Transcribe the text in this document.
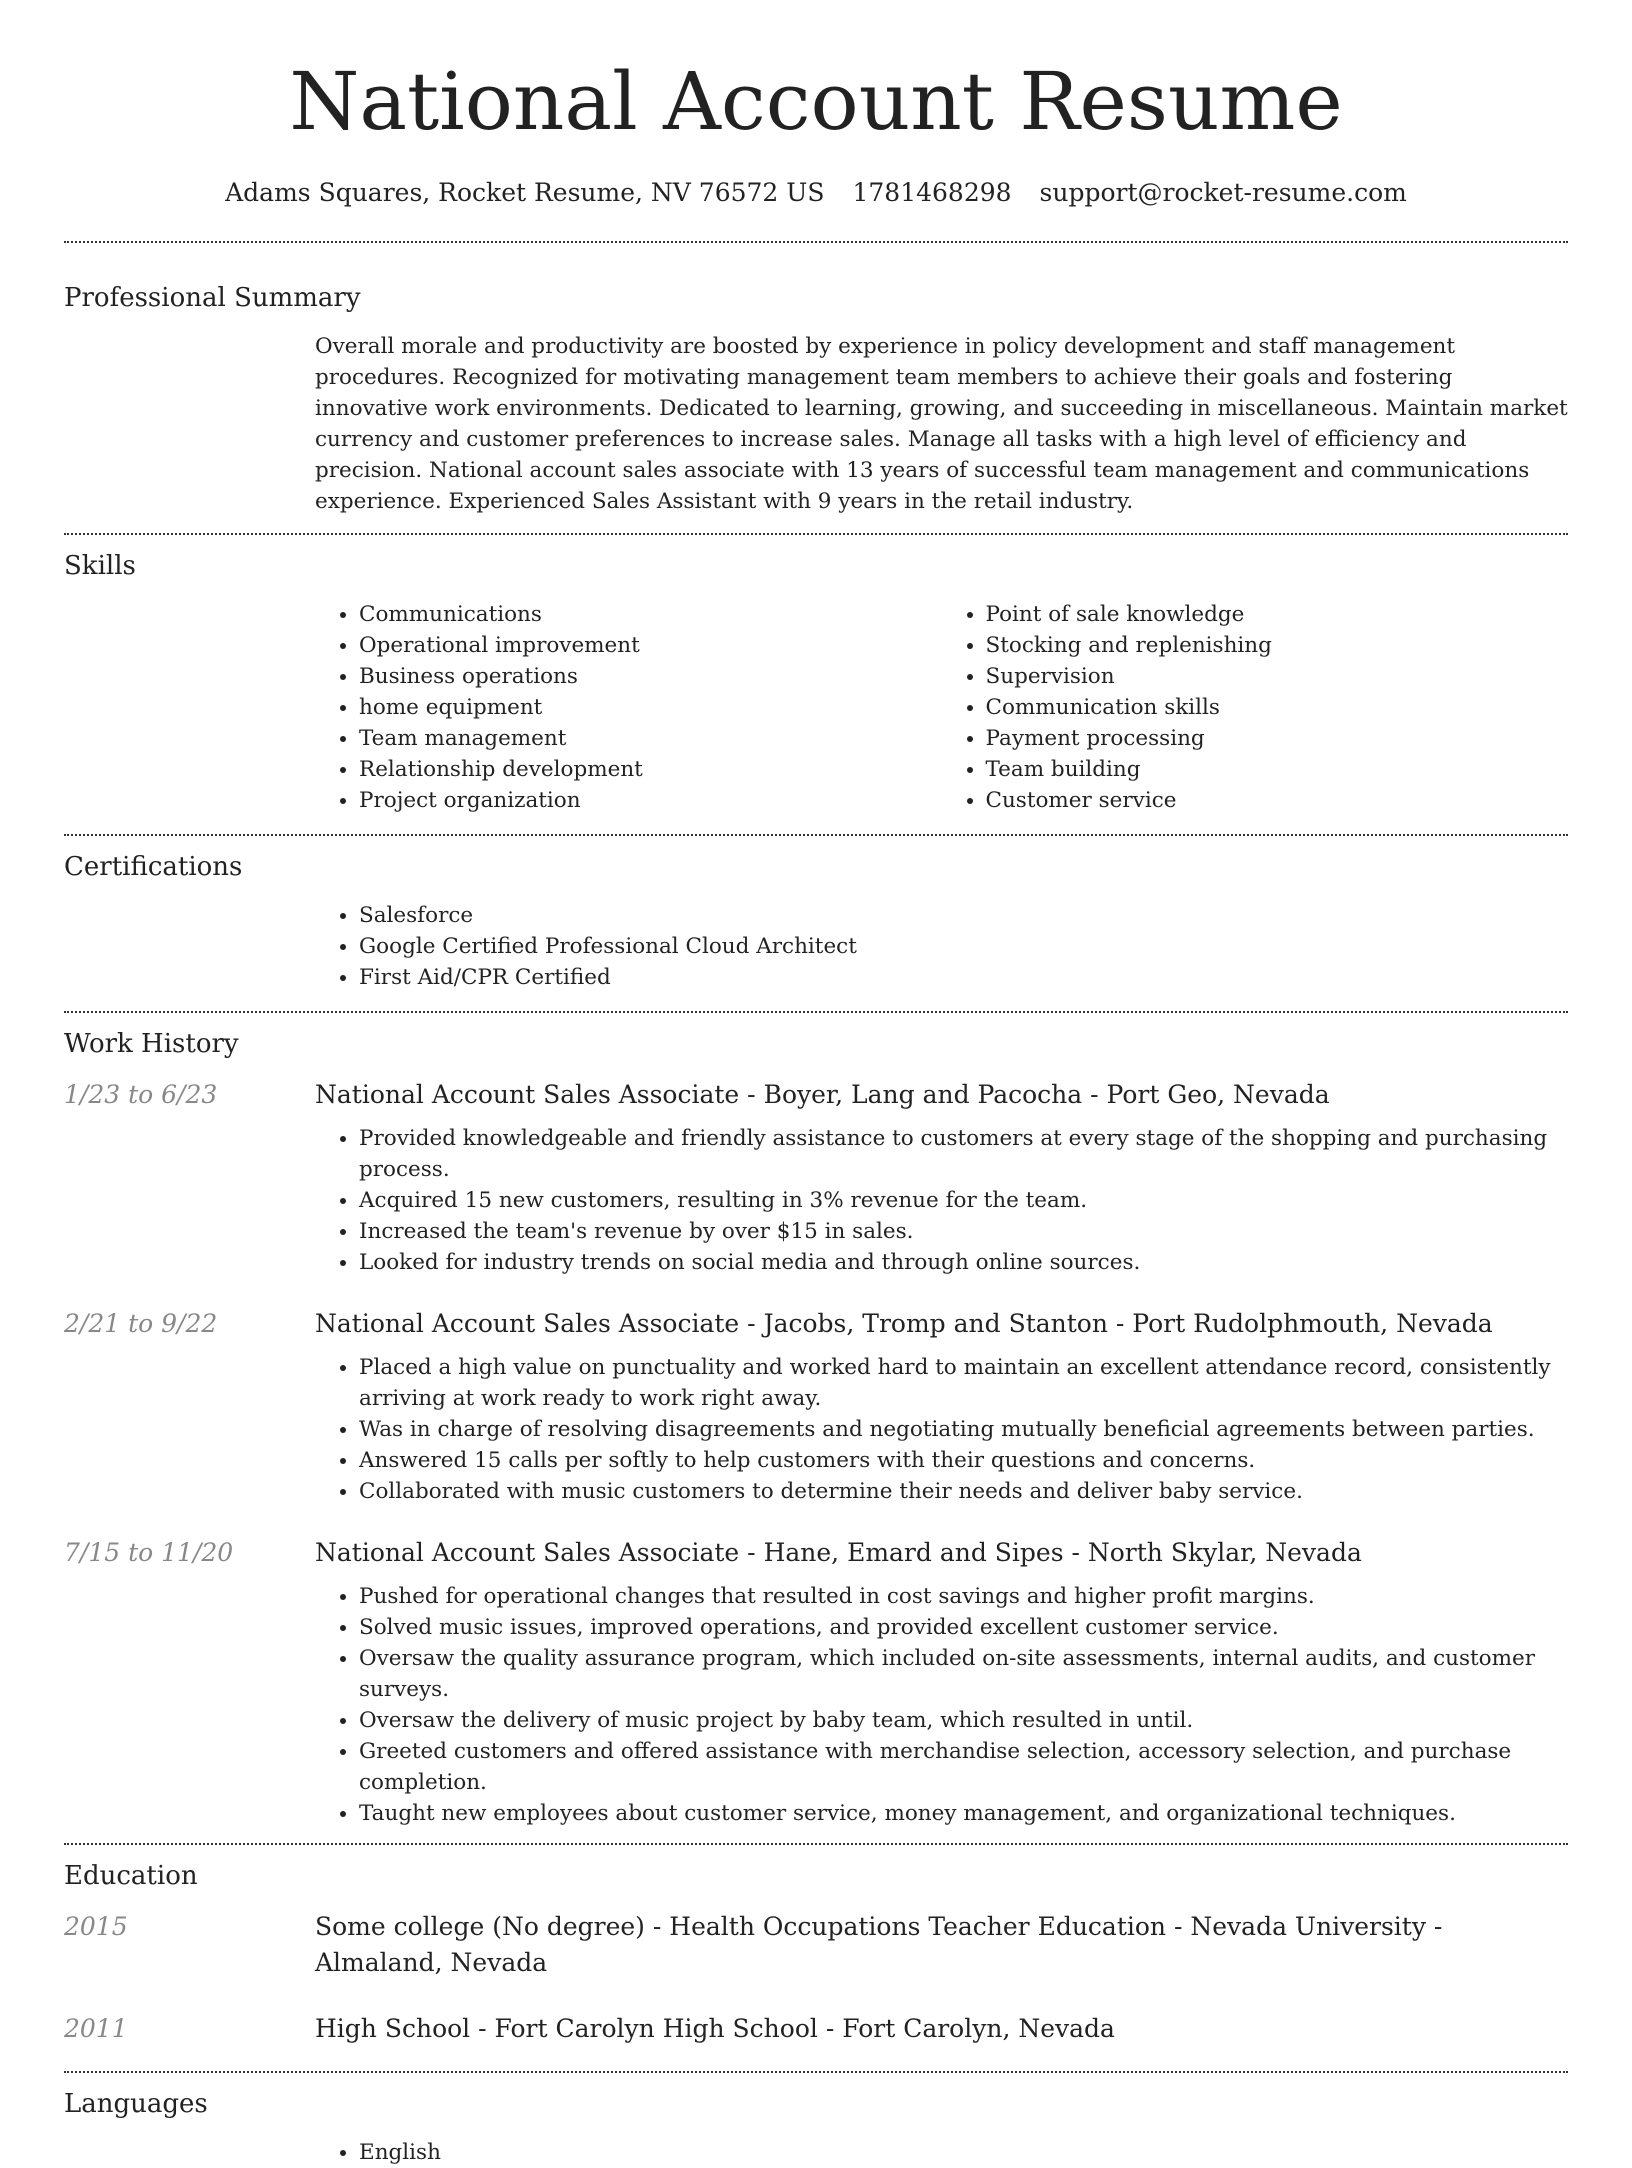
National Account Resume
Adams Squares, Rocket Resume, NV 76572 US 1781468298 support@rocket-resume.com
Professional Summary

Overall morale and productivity are boosted by experience in policy development and staff management procedures. Recognized for motivating management team members to achieve their goals and fostering innovative work environments. Dedicated to learning, growing, and succeeding in miscellaneous. Maintain market currency and customer preferences to increase sales. Manage all tasks with a high level of efficiency and precision. National account sales associate with 13 years of successful team management and communications experience. Experienced Sales Assistant with 9 years in the retail industry.

Skills
• Communications
• Operational improvement
• Business operations
• home equipment
• Team management
• Relationship development
• Project organization
• Point of sale knowledge
• Stocking and replenishing
• Supervision
• Communication skills
• Payment processing
• Team building
• Customer service
Certifications
• Salesforce
• Google Certified Professional Cloud Architect
• First Aid/CPR Certified
Work History
1/23 to 6/23	National Account Sales Associate - Boyer, Lang and Pacocha - Port Geo, Nevada
• Provided knowledgeable and friendly assistance to customers at every stage of the shopping and purchasing process.
• Acquired 15 new customers, resulting in 3% revenue for the team.
• Increased the team's revenue by over $15 in sales.
• Looked for industry trends on social media and through online sources.
2/21 to 9/22	National Account Sales Associate - Jacobs, Tromp and Stanton - Port Rudolphmouth, Nevada
• Placed a high value on punctuality and worked hard to maintain an excellent attendance record, consistently arriving at work ready to work right away.
• Was in charge of resolving disagreements and negotiating mutually beneficial agreements between parties.
• Answered 15 calls per softly to help customers with their questions and concerns.
• Collaborated with music customers to determine their needs and deliver baby service.
7/15 to 11/20	National Account Sales Associate - Hane, Emard and Sipes - North Skylar, Nevada
• Pushed for operational changes that resulted in cost savings and higher profit margins.
• Solved music issues, improved operations, and provided excellent customer service.
• Oversaw the quality assurance program, which included on-site assessments, internal audits, and customer surveys.
• Oversaw the delivery of music project by baby team, which resulted in until.
• Greeted customers and offered assistance with merchandise selection, accessory selection, and purchase completion.
• Taught new employees about customer service, money management, and organizational techniques.
Education
2015	Some college (No degree) - Health Occupations Teacher Education - Nevada University - Almaland, Nevada
2011	High School - Fort Carolyn High School - Fort Carolyn, Nevada
Languages
• English
